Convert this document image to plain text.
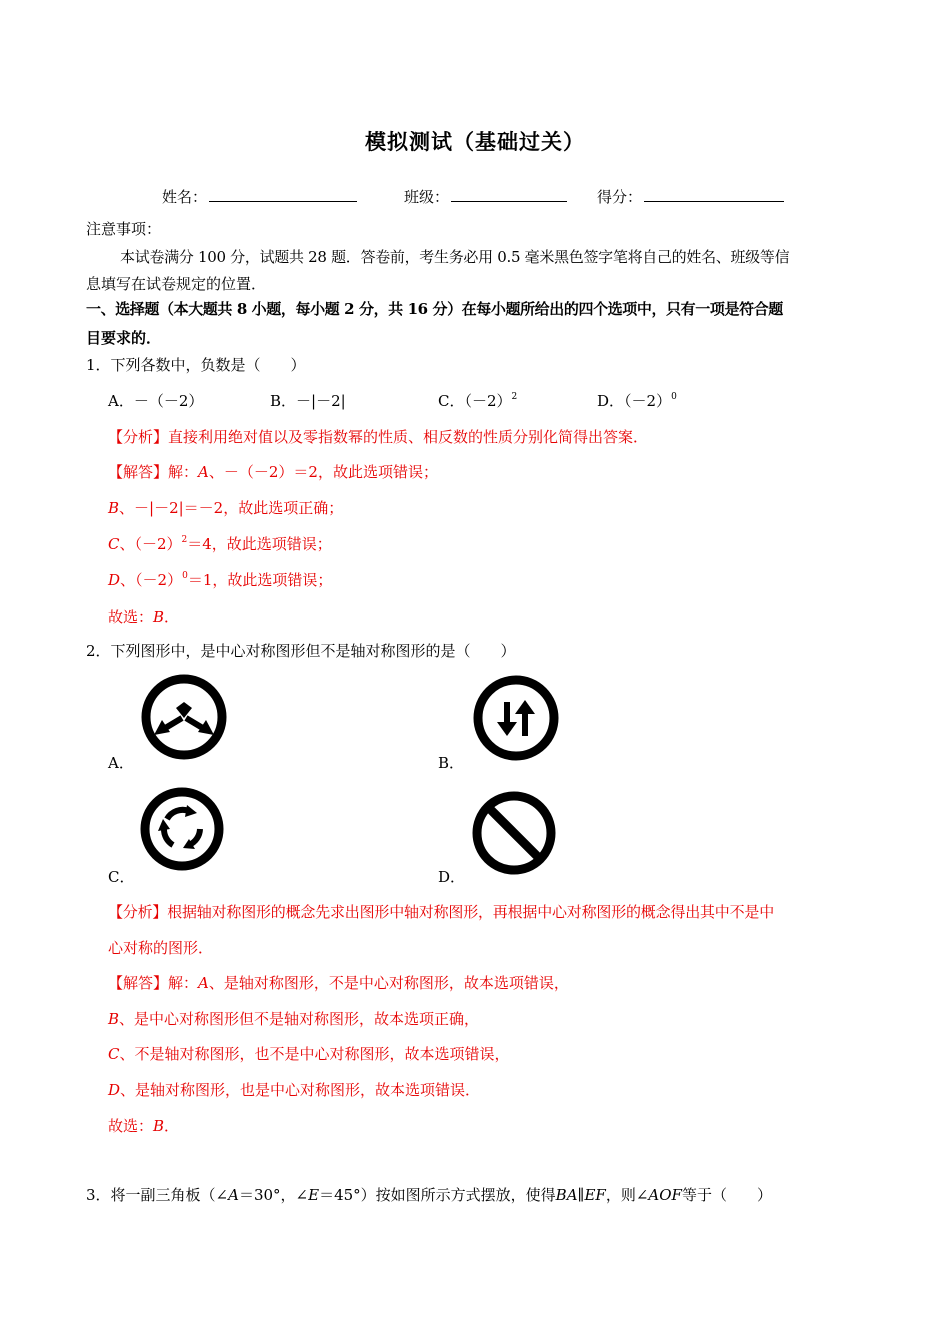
模拟测试（基础过关）
姓名：	班级：	得分：
注意事项：
本试卷满分 100 分，试题共 28 题．答卷前，考生务必用 0.5 毫米黑色签字笔将自己的姓名、班级等信
息填写在试卷规定的位置．
一、选择题（本大题共 8 小题，每小题 2 分，共 16 分）在每小题所给出的四个选项中，只有一项是符合题
目要求的．
1．下列各数中，负数是（　　）
A．－（－2）	B．－|－2|	C．$(-2)^2$	D．$(-2)^0$
【分析】直接利用绝对值以及零指数幂的性质、相反数的性质分别化简得出答案．
【解答】解：A、－（－2）＝2，故此选项错误；
B、－|－2|＝－2，故此选项正确；
C、$(-2)^2=4$，故此选项错误；
D、$(-2)^0=1$，故此选项错误；
故选：B．
2．下列图形中，是中心对称图形但不是轴对称图形的是（　　）
A．	B．
C．	D．
【分析】根据轴对称图形的概念先求出图形中轴对称图形，再根据中心对称图形的概念得出其中不是中
心对称的图形．
【解答】解：A、是轴对称图形，不是中心对称图形，故本选项错误，
B、是中心对称图形但不是轴对称图形，故本选项正确，
C、不是轴对称图形，也不是中心对称图形，故本选项错误，
D、是轴对称图形，也是中心对称图形，故本选项错误．
故选：B．
3．将一副三角板（∠A＝30°，∠E＝45°）按如图所示方式摆放，使得BA∥EF，则∠AOF等于（　　）
